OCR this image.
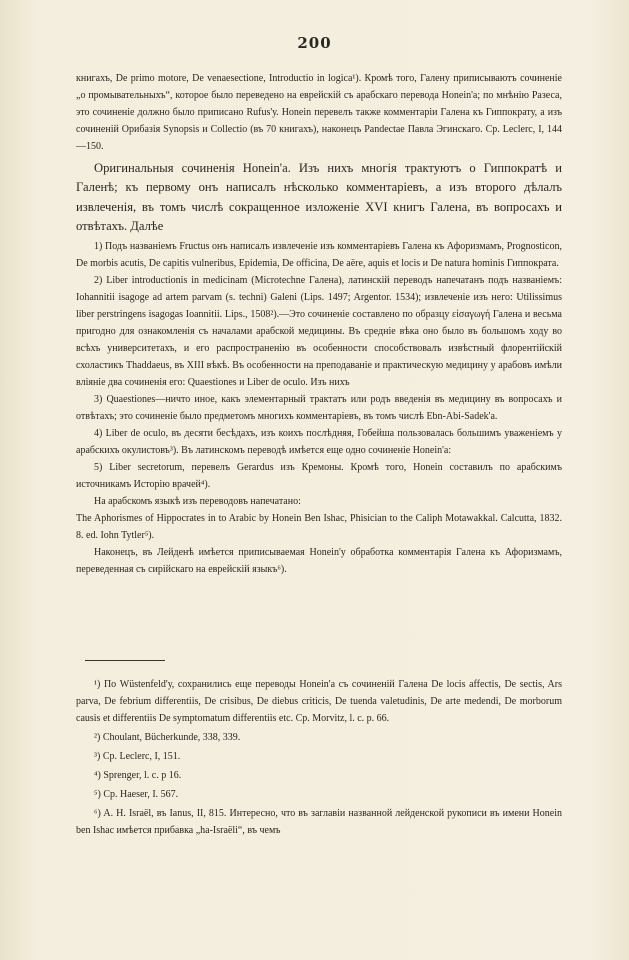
200

книгахъ, De primo motore, De venaesectione, Introductio in logica¹). Кромѣ того, Галену приписываютъ сочиненіе „о промывательныхъ“, которое было переведено на еврейскій съ арабскаго перевода Honein'а; по мнѣнію Разеса, это сочиненіе должно было приписано Rufus'у. Honein перевелъ также комментаріи Галена къ Гиппократу, а изъ сочиненій Орибазія Synopsis и Collectio (въ 70 книгахъ), наконецъ Pandectae Павла Эгинскаго. Ср. Leclerc, I, 144—150.

Оригинальныя сочиненія Honein'а. Изъ нихъ многія трактуютъ о Гиппократѣ и Галенѣ; къ первому онъ написалъ нѣсколько комментаріевъ, а изъ второго дѣлалъ извлеченія, въ томъ числѣ сокращенное изложеніе XVI книгъ Галена, въ вопросахъ и отвѣтахъ. Далѣе

1) Подъ названіемъ Fructus онъ написалъ извлеченіе изъ комментаріевъ Галена къ Афоризмамъ, Prognosticon, De morbis acutis, De capitis vulneribus, Epidemia, De officina, De aëre, aquis et locis и De natura hominis Гиппократа.

2) Liber introductionis in medicinam (Microtechne Галена), латинскій переводъ напечатанъ подъ названіемъ: Iohannitii isagoge ad artem parvam (s. techni) Galeni (Lips. 1497; Argentor. 1534); извлеченіе изъ него: Utilissimus liber perstringens isagogas Ioannitii. Lips., 1508²).—Это сочиненіе составлено по образцу εἰσαγωγή Галена и весьма пригодно для ознакомленія съ началами арабской медицины. Въ средніе вѣка оно было въ большомъ ходу во всѣхъ университетахъ, и его распространенію въ особенности способствовалъ извѣстный флорентійскій схоластикъ Thaddaeus, въ XIII вѣкѣ. Въ особенности на преподаваніе и практическую медицину у арабовъ имѣли вліяніе два сочиненія его: Quaestiones и Liber de oculo. Изъ нихъ

3) Quaestiones—ничто иное, какъ элементарный трактатъ или родъ введенія въ медицину въ вопросахъ и отвѣтахъ; это сочиненіе было предметомъ многихъ комментаріевъ, въ томъ числѣ Ebn-Abi-Sadek'а.

4) Liber de oculo, въ десяти бесѣдахъ, изъ коихъ послѣдняя, Гобейша пользовалась большимъ уваженіемъ у арабскихъ окулистовъ³). Въ латинскомъ переводѣ имѣется еще одно сочиненіе Honein'а:

5) Liber secretorum, перевелъ Gerardus изъ Кремоны. Кромѣ того, Honein составилъ по арабскимъ источникамъ Исторію врачей⁴).

На арабскомъ языкѣ изъ переводовъ напечатано:

The Aphorismes of Hippocrates in to Arabic by Honein Ben Ishac, Phisician to the Caliph Motawakkal. Calcutta, 1832. 8. ed. Iohn Tytler⁵).

Наконецъ, въ Лейденѣ имѣется приписываемая Honein'у обработка комментарія Галена къ Афоризмамъ, переведенная съ сирійскаго на еврейскій языкъ⁶).

¹) По Wüstenfeld'у, сохранились еще переводы Honein'а съ сочиненій Галена De locis affectis, De sectis, Ars parva, De febrium differentiis, De crisibus, De diebus criticis, De tuenda valetudinis, De arte medendi, De morborum causis et differentiis De symptomatum differentiis etc. Cp. Morvitz, l. c. p. 66.

²) Choulant, Bücherkunde, 338, 339.

³) Cp. Leclerc, I, 151.

⁴) Sprenger, l. c. p 16.

⁵) Cp. Haeser, I. 567.

⁶) A. H. Israël, въ Ianus, II, 815. Интересно, что въ заглавіи названной лейденской рукописи въ имени Honein ben Ishac имѣется прибавка „ha-Israëli“, въ чемъ
